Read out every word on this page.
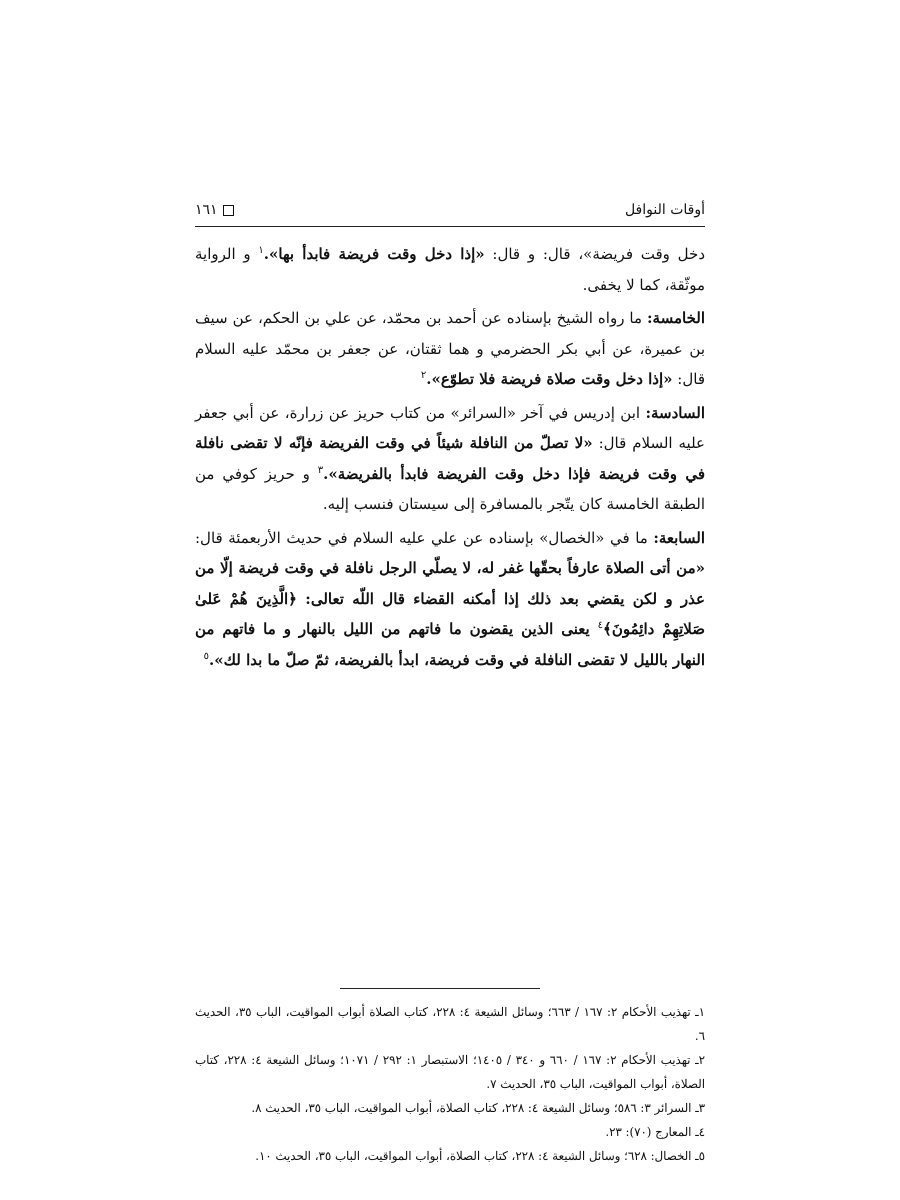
أوقات النوافل
١٦١

دخل وقت فريضة»، قال: و قال: «إذا دخل وقت فريضة فابدأ بها».$^١$ و الرواية موثّقة، كما لا يخفى.

الخامسة: ما رواه الشيخ بإسناده عن أحمد بن محمّد، عن علي بن الحكم، عن سيف بن عميرة، عن أبي بكر الحضرمي و هما ثقتان، عن جعفر بن محمّد عليه السلام قال: «إذا دخل وقت صلاة فريضة فلا تطوّع».$^٢$

السادسة: ابن إدريس في آخر «السرائر» من كتاب حريز عن زرارة، عن أبي جعفر عليه السلام قال: «لا تصلّ من النافلة شيئاً في وقت الفريضة فإنّه لا تقضى نافلة في وقت فريضة فإذا دخل وقت الفريضة فابدأ بالفريضة».$^٣$ و حريز كوفي من الطبقة الخامسة كان يتّجر بالمسافرة إلى سيستان فنسب إليه.

السابعة: ما في «الخصال» بإسناده عن علي عليه السلام في حديث الأربعمئة قال: «من أتى الصلاة عارفاً بحقّها غفر له، لا يصلّي الرجل نافلة في وقت فريضة إلّا من عذر و لكن يقضي بعد ذلك إذا أمكنه القضاء قال اللّه تعالى: ﴿الَّذِينَ هُمْ عَلىٰ صَلاتِهِمْ دائِمُونَ﴾$^٤$ يعنى الذين يقضون ما فاتهم من الليل بالنهار و ما فاتهم من النهار بالليل لا تقضى النافلة في وقت فريضة، ابدأ بالفريضة، ثمّ صلّ ما بدا لك».$^٥$

١ـ تهذيب الأحكام ٢: ١٦٧ / ٦٦٣؛ وسائل الشيعة ٤: ٢٢٨، كتاب الصلاة أبواب المواقيت، الباب ٣٥، الحديث ٦.

٢ـ تهذيب الأحكام ٢: ١٦٧ / ٦٦٠ و ٣٤٠ / ١٤٠٥؛ الاستبصار ١: ٢٩٢ / ١٠٧١؛ وسائل الشيعة ٤: ٢٢٨، كتاب الصلاة، أبواب المواقيت، الباب ٣٥، الحديث ٧.

٣ـ السرائر ٣: ٥٨٦؛ وسائل الشيعة ٤: ٢٢٨، كتاب الصلاة، أبواب المواقيت، الباب ٣٥، الحديث ٨.

٤ـ المعارج (٧٠): ٢٣.

٥ـ الخصال: ٦٢٨؛ وسائل الشيعة ٤: ٢٢٨، كتاب الصلاة، أبواب المواقيت، الباب ٣٥، الحديث ١٠.
